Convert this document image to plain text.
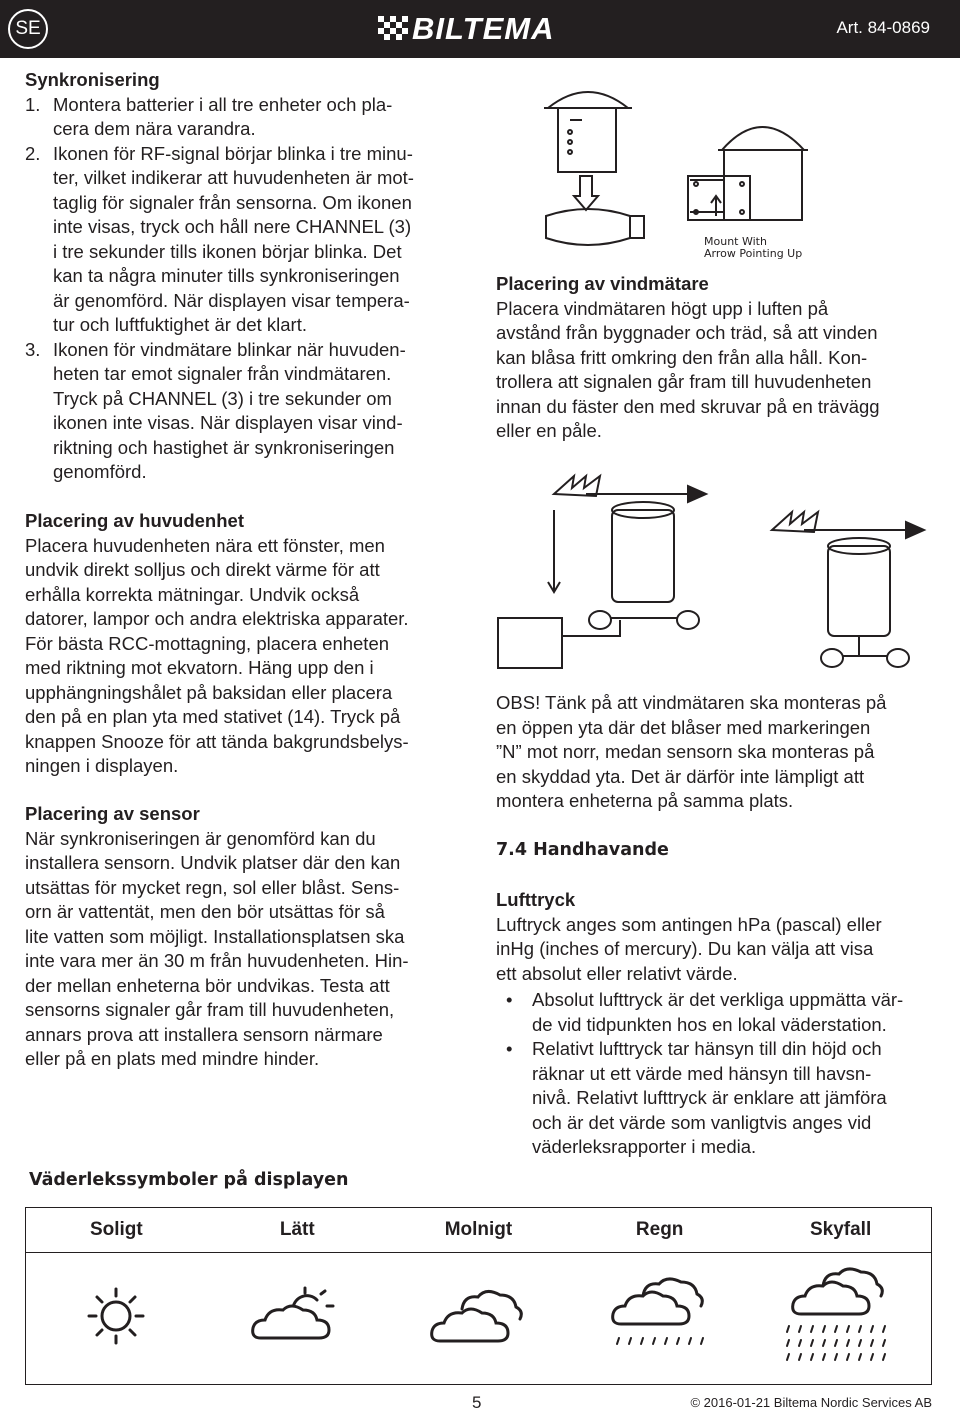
SE	BILTEMA	Art. 84-0869
Synkronisering
1. Montera batterier i all tre enheter och pla-
cera dem nära varandra.
2. Ikonen för RF-signal börjar blinka i tre minu-
ter, vilket indikerar att huvudenheten är mot-
taglig för signaler från sensorna. Om ikonen
inte visas, tryck och håll nere CHANNEL (3)
i tre sekunder tills ikonen börjar blinka. Det
kan ta några minuter tills synkroniseringen
är genomförd. När displayen visar tempera-
tur och luftfuktighet är det klart.
3. Ikonen för vindmätare blinkar när huvuden-
heten tar emot signaler från vindmätaren.
Tryck på CHANNEL (3) i tre sekunder om
ikonen inte visas. När displayen visar vind-
riktning och hastighet är synkroniseringen
genomförd.
Placering av huvudenhet
Placera huvudenheten nära ett fönster, men
undvik direkt solljus och direkt värme för att
erhålla korrekta mätningar. Undvik också
datorer, lampor och andra elektriska apparater.
För bästa RCC-mottagning, placera enheten
med riktning mot ekvatorn. Häng upp den i
upphängningshålet på baksidan eller placera
den på en plan yta med stativet (14). Tryck på
knappen Snooze för att tända bakgrundsbelys-
ningen i displayen.
Placering av sensor
När synkroniseringen är genomförd kan du
installera sensorn. Undvik platser där den kan
utsättas för mycket regn, sol eller blåst. Sens-
orn är vattentät, men den bör utsättas för så
lite vatten som möjligt. Installationsplatsen ska
inte vara mer än 30 m från huvudenheten. Hin-
der mellan enheterna bör undvikas. Testa att
sensorns signaler går fram till huvudenheten,
annars prova att installera sensorn närmare
eller på en plats med mindre hinder.
Mount With
Arrow Pointing Up
Placering av vindmätare
Placera vindmätaren högt upp i luften på
avstånd från byggnader och träd, så att vinden
kan blåsa fritt omkring den från alla håll. Kon-
trollera att signalen går fram till huvudenheten
innan du fäster den med skruvar på en trävägg
eller en påle.
OBS! Tänk på att vindmätaren ska monteras på
en öppen yta där det blåser med markeringen
”N” mot norr, medan sensorn ska monteras på
en skyddad yta. Det är därför inte lämpligt att
montera enheterna på samma plats.
7.4 Handhavande
Lufttryck
Luftryck anges som antingen hPa (pascal) eller
inHg (inches of mercury). Du kan välja att visa
ett absolut eller relativt värde.
•	Absolut lufttryck är det verkliga uppmätta vär-
de vid tidpunkten hos en lokal väderstation.
•	Relativt lufttryck tar hänsyn till din höjd och
räknar ut ett värde med hänsyn till havsn-
nivå. Relativt lufttryck är enklare att jämföra
och är det värde som vanligtvis anges vid
väderleksrapporter i media.
Väderlekssymboler på displayen
Soligt	Lätt	Molnigt	Regn	Skyfall

5	© 2016-01-21 Biltema Nordic Services AB
